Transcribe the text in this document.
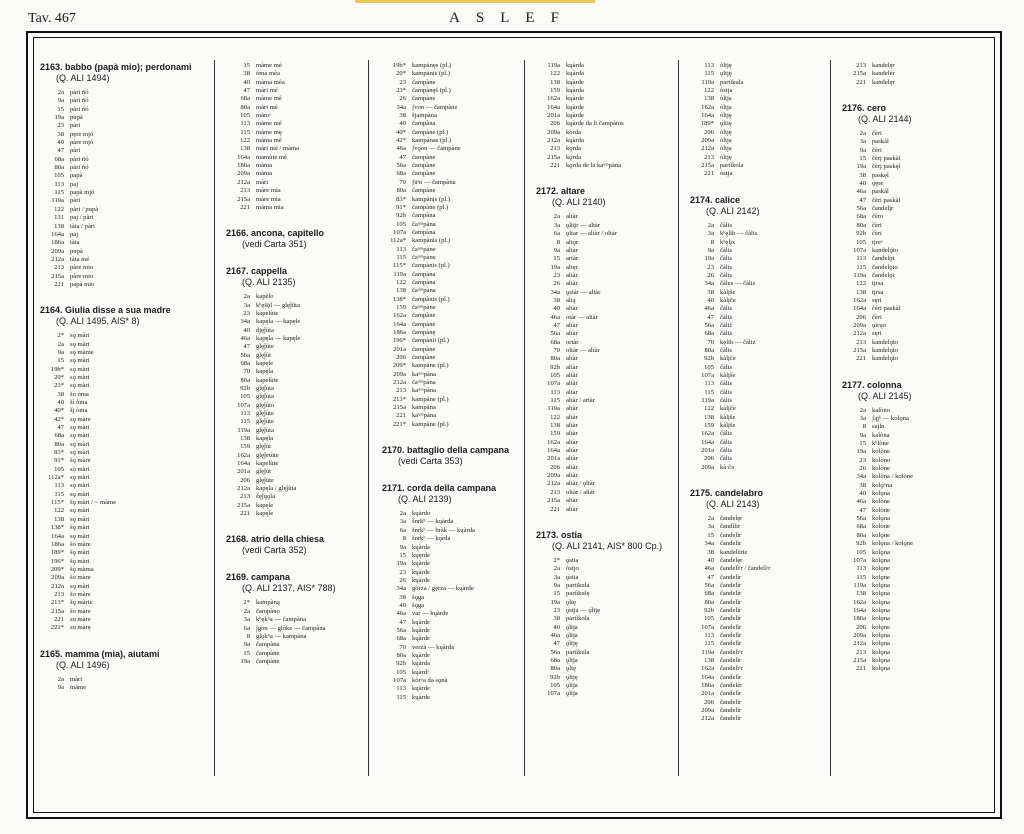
Tav. 467	ASLEF
2163. babbo (papà mio); perdonami
(Q. ALI 1494)
2a pàri n̄ó
9a pàri n̄ó
15 pàri n̄ó
19a pupà
23 pàri
38 pęre mjó
40 pàre mjó
47 pàri
68a pàri n̄ó
80a pàri n̄ó
105 papà
113 paj
115 papà mjó
119a pàri
122 pàri / pupà
131 paj / pàri
138 tàta / pàri
164a paj
186a tàta
209a pupà
212a tàta mé
213 pàre mio
215a pàre mio
221 papà mio
2164. Giulia disse a sua madre
(Q. ALI 1495, AIS* 8)
2* sǫ màri
2a sǫ màri
9a sǫ màme
15 sǫ màri
19b* sǫ màri
20* sǫ màri
23* sǫ màri
38 šo òma
40 šì òma
40* šj òma
42* sǫ màre
47 sǫ màri
68a sǫ màri
80a sǫ màri
83* sǫ màri
91* šǫ màre
105 sò màri
112a* sǫ màri
113 sǫ màri
115 sǫ màri
115* šǫ màri / ~ màme
122 sǫ màri
138 sǫ màri
138* šǫ màri
164a sǫ màri
186a šo màre
189* šǫ màri
196* šǫ màri
209* šǫ màma
209a šo màre
212a sǫ màri
213 šo màre
213* šǫ màrie
215a šo màre
221 su màre
221* su màrę
2165. mamma (mia), aiutami
(Q. ALI 1496)
2a màri
9a màme
15 màme mé
38 òma mèa
40 màma mèa
47 màri mé
68a màme mé
80a màri mé
105 màmᵃ
113 màme mé
115 màme mę
122 màma mé
138 màri mé / màma
164a mamùte mé
186a màma
209a màma
212a màri
213 màre mia
215a màre mia
221 màma mia
2166. ancona, capitello
(vedi Carta 351)
2167. cappella
(Q. ALI 2135)
2a kapèlo
3a kʰęšǭl — glęĵǜta
23 kapelùte
34a kapęla — kapęle
40 djęĵùta
46a kapęla — kapęle
47 glęĵùte
56a glęĵùt
68a kapęle
70 kapęla
80a kapelùte
92b glęĵùta
105 glęĵùta
107a glęĵùto
113 glęĵùte
115 glęĵùte
119a glęĵùta
138 kapęla
159 glęĵùt
162a glęĵetùte
164a kapelùte
201a glęĵùt
206 glęĵùte
212a kapęla / glęĵùta
213 čęĵųǫla
215a kapęle
221 kapęle
2168. atrio della chiesa
(vedi Carta 352)
2169. campana
(Q. ALI 2137, AIS* 788)
2* kampàną
2a čampàno
3a kʰękʰa — čampàna
6a ĵgon — glòke — čampàna
8 glǫkʰa — kampàna
9a čampàna
15 čampàne
19a čampàne
19b* kampànęs (pl.)
20* kampànis (pl.)
23 čampàne
23* čampànęš (pl.)
26 čampàne
34a ʃvon — čampàne
38 šjampàna
40 čampàna
40* čampàne (pl.)
42* kampànas (pl.)
46a ʃvǫon — čampàne
47 čampàne
56a čampàne
68a čampàne
70 ʃūʳn — čampàna
80a čampàne
83* kampànįs (pl.)
91* čampàne (pl.)
92b čampàna
105 čaᵘᵐpàna
107a čampàna
112a* kampànis (pl.)
113 čaᵘᵐpàne
115 čaᵘᵐpàne
115* čampànis (pl.)
119a čampàna
122 čampàna
138 čaᵘᵐpàna
138* čampànis (pl.)
159 čaᵘᵐpàne
162a čampàne
164a čampàne
186a čampànę
196* čampànii (pl.)
201a čampàne
206 čampàne
209* kampàne (pl.)
209a kaᵘᵐpàna
212a čaᵘᵐpàna
213 kaᵘᵐpàna
213* kampàne (pl.)
215a kampàna
221 kaᵘᵐpàna
221* kampàne (pl.)
2170. battaglio della campana
(vedi Carta 353)
2171. corda della campana
(Q. ALI 2139)
2a kųàrdo
3a šnrkʰ — kųàrda
6a šnrkʰ — bràk — kųàrda
8 šnrkʰ — kǫrda
9a kųàrda
15 kųęrde
19a kųàrde
23 kųàrde
26 kųàrde
34a gòrza / gęrza — kųàrde
38 šǫga
40 šǫga
46a var — kųàrde
47 kųàrde
56a kųàrde
68a kųàrde
70 verzà — kųàrda
80a kųàrde
92b kųàrda
105 kųàrdᵃ
107a kòrᵘa da sǫnà
113 kųàrde
115 kųàrde
119a kųàrda
122 kųàrda
138 kųàrde
159 kųàrda
162a kųàrde
164a kųàrde
201a kųàrde
206 kųàrde da li čampànis
209a kòrda
212a kųàrda
213 kǫrda
215a kǫrda
221 kǫrda de la kaᵘᵐpàna
2172. altare
(Q. ALI 2140)
2a altàr
3a ǫltǭr — altàr
6a ǫltar — altàr / oltàr
8 altǫr
9a altàr
15 artàr
19a altęr
23 altàr
26 altàr
34a ǫṣtàr — altàr
38 altą̀
40 altàr
46a otàr — altàr
47 altàr
56a altàr
68a ortàr
70 oltàr — altàr
80a altàr
92b altàr
105 altàr
107a altàr
113 altàr
115 altàr / artàr
119a altàr
122 altàr
138 altàr
159 altàr
162a altàr
164a altàr
201a altàr
206 altàr
209a altàr
212a altàr / ǫltàr
213 oltàr / altàr
215a altàr
221 altàr
2173. ostia
(Q. ALI 2141, AIS* 800 Cp.)
2* ǫ̀stia
2a òstjo
3a ǫ̀stia
9a partikula
15 partìkulę
19a ǫ̀ltę
23 ǫ̀stja — ǫ̀ltję
38 partìkola
40 ǫ̀ltja
46a ǫ̀ltja
47 ǫ̀ltję
56a partìkula
68a ǫ̀ltja
80a ǫ̀ltę
92b ǫ̀ltję
105 ǫ̀ltja
107a ǫ̀ltja
113 òltję
115 ǫltję
119a partìkula
122 òstja
138 òltja
162a òltja
164a òltję
189* ǫ̀ltię
206 òltję
209a òltja
212a òltja
213 òltję
215a partìkola
221 òstja
2174. calice
(Q. ALI 2142)
2a čàlis
3a kʰęlih — čàlis
8 kʰęlįx
9a čàlis
19a čàlis
23 čàlis
26 čàlis
34a čàles — čàlis
38 kàlįše
40 kàlįče
46a čàlis
47 čàlis
56a čàlič
68a čàlis
70 kęlih — čàliz
80a čàlis
92b kàlįče
105 čàlis
107a kàlįše
113 čàlis
115 čàlis
119a čàlis
122 kàlįče
138 kàlįše
159 kàlįše
162a čàlis
164a čàlis
201a čàlis
206 čàlis
209a kàˑčə
2175. candelabro
(Q. ALI 2143)
2a čandelęr
3a čandìlir
15 čandelìr
34a čandelìr
38 kandelèrie
40 čandelęr
46a čandelìʳr / čandelìʳr
47 čandelìr
56a čandelìr
68a čandelìr
80a čandelìr
92b čandelìr
105 čandelìr
107a čandelìr
113 čandelìr
115 čandelìr
119a čandelìʳr
138 čandelìr
162a čandelìʳr
164a čandelìr
186a čandelèr
201a čandelìr
206 čandelìr
209a čandelìr
212a čandelìr
213 kandelęr
215a kandelèr
221 kandelęr
2176. cero
(Q. ALI 2144)
2a čèri
3a paskàl
9a čèri
15 čèrį paskàl
19a čèrį paskę̀l
38 paskęl
40 ǫ̀ęre
46a paskàl
47 čèri paskàl
56a čandelįr
68a čèro
80a čèri
92b čèri
105 tįreᵒ
107a kandelǫ̀to
113 čandelǫt
115 čandelǫ̀to
119a čandelǫ̀t
122 tįrsa
138 tįrsa
162a sęri
164a čèri paskàl
206 čèri
209a ǫ̀irųo
212a sęri
213 kandelǫ̀to
215a kandelǫ̀to
221 kandelǫ̀to
2177. colonna
(Q. ALI 2145)
2a kalòno
3a ʃąjᵏ — kolǫna
8 sajln
9a kalòna
15 kʰlòne
19a kolòne
23 kolòno
26 kolòne
34a kolòna / kolòne
38 kolǫ̀ᵘna
40 kolǫna
46a kolòne
47 kolòne
56a kolǫ̀na
68a kolòne
80a kolǫ̀ne
92b kolǫ̀na / kolǫ̀ne
105 kolǫna
107a kolǫna
113 kolǫ̀ne
115 kolǫne
119a kolǫ̀na
138 kolǫna
162a kolǫna
164a kolǫ̀na
186a kolǫna
206 kolǫne
209a kolǫ̀na
212a kolǫna
213 kolǫna
215a kolǫna
221 kolǫna
